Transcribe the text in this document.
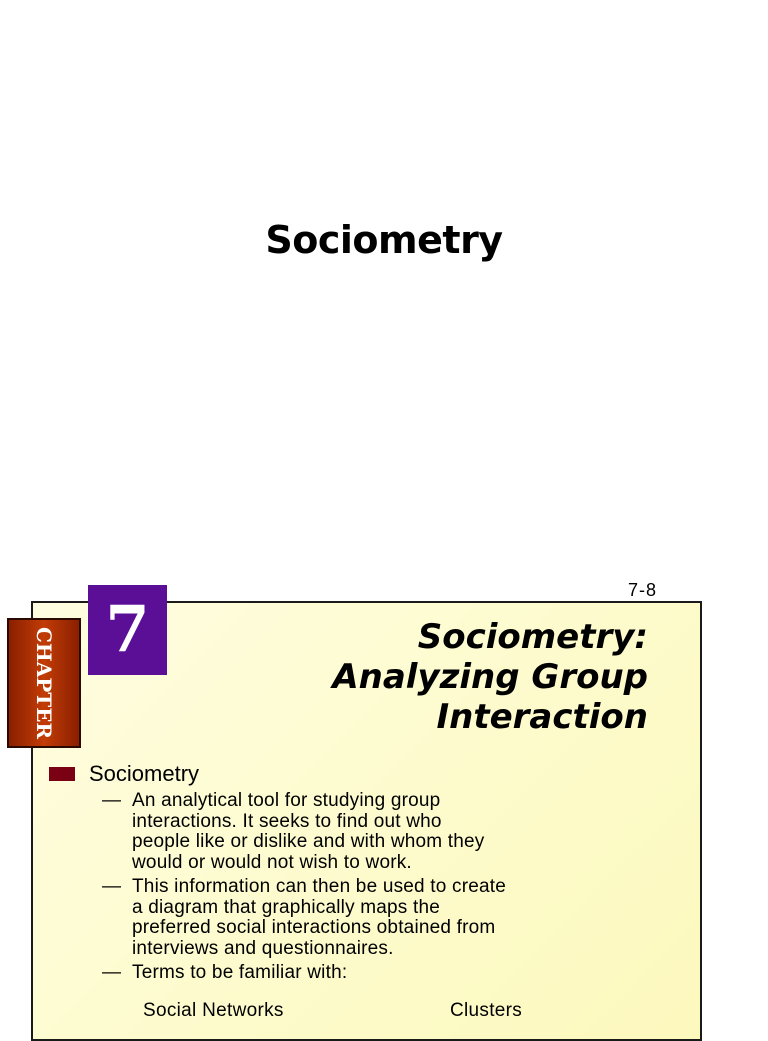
Sociometry
7-8
CHAPTER 7	Sociometry:
Analyzing Group
Interaction
Sociometry
— An analytical tool for studying group
interactions. It seeks to find out who
people like or dislike and with whom they
would or would not wish to work.
— This information can then be used to create
a diagram that graphically maps the
preferred social interactions obtained from
interviews and questionnaires.
— Terms to be familiar with:
Social Networks	Clusters
